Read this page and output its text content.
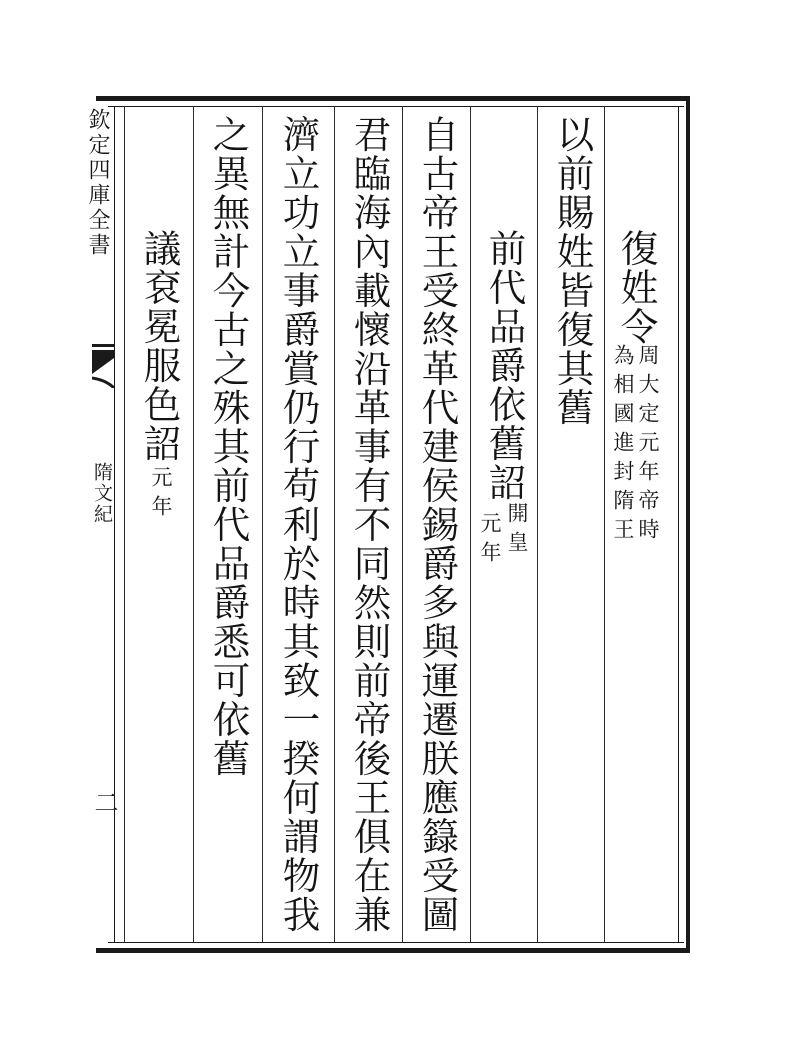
欽定四庫全書
隋文紀
二
復姓令
周大定元年帝時
為相國進封隋王
以前賜姓皆復其舊
前代品爵依舊詔
開皇
元年
自古帝王受終革代建侯錫爵多與運遷朕應籙受圖
君臨海內載懷沿革事有不同然則前帝後王俱在兼
濟立功立事爵賞仍行苟利於時其致一揆何謂物我
之異無計今古之殊其前代品爵悉可依舊
議袞冕服色詔
元年
